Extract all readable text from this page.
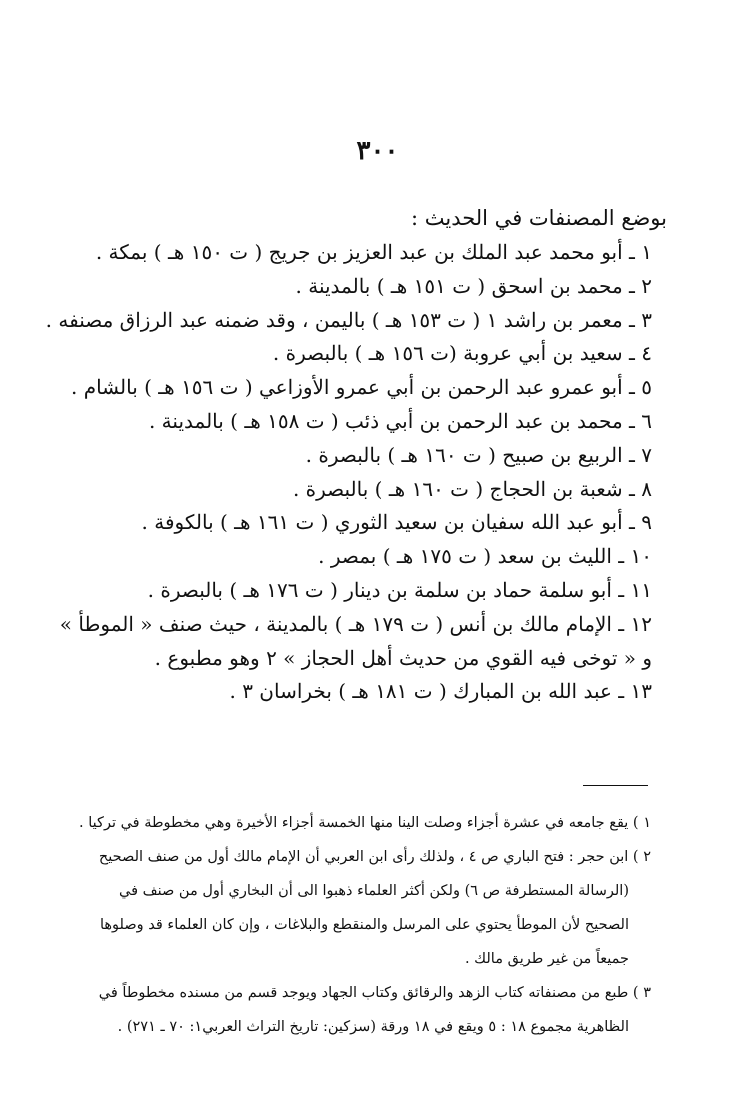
٣٠٠

بوضع المصنفات في الحديث :

١ ـ أبو محمد عبد الملك بن عبد العزيز بن جريج ( ت ١٥٠ هـ ) بمكة .
٢ ـ محمد بن اسحق ( ت ١٥١ هـ ) بالمدينة .
٣ ـ معمر بن راشد ١ ( ت ١٥٣ هـ ) باليمن ، وقد ضمنه عبد الرزاق مصنفه .
٤ ـ سعيد بن أبي عروبة (ت ١٥٦ هـ ) بالبصرة .
٥ ـ أبو عمرو عبد الرحمن بن أبي عمرو الأوزاعي ( ت ١٥٦ هـ ) بالشام .
٦ ـ محمد بن عبد الرحمن بن أبي ذئب ( ت ١٥٨ هـ ) بالمدينة .
٧ ـ الربيع بن صبيح ( ت ١٦٠ هـ ) بالبصرة .
٨ ـ شعبة بن الحجاج ( ت ١٦٠ هـ ) بالبصرة .
٩ ـ أبو عبد الله سفيان بن سعيد الثوري ( ت ١٦١ هـ ) بالكوفة .
١٠ ـ الليث بن سعد ( ت ١٧٥ هـ ) بمصر .
١١ ـ أبو سلمة حماد بن سلمة بن دينار ( ت ١٧٦ هـ ) بالبصرة .
١٢ ـ الإمام مالك بن أنس ( ت ١٧٩ هـ ) بالمدينة ، حيث صنف « الموطأ »
و « توخى فيه القوي من حديث أهل الحجاز » ٢ وهو مطبوع .
١٣ ـ عبد الله بن المبارك ( ت ١٨١ هـ ) بخراسان ٣ .
١ ) يقع جامعه في عشرة أجزاء وصلت الينا منها الخمسة أجزاء الأخيرة وهي مخطوطة في تركيا .
٢ ) ابن حجر : فتح الباري ص ٤ ، ولذلك رأى ابن العربي أن الإمام مالك أول من صنف الصحيح
(الرسالة المستطرفة ص ٦) ولكن أكثر العلماء ذهبوا الى أن البخاري أول من صنف في
الصحيح لأن الموطأ يحتوي على المرسل والمنقطع والبلاغات ، وإن كان العلماء قد وصلوها
جميعاً من غير طريق مالك .
٣ ) طبع من مصنفاته كتاب الزهد والرقائق وكتاب الجهاد ويوجد قسم من مسنده مخطوطاً في
الظاهرية مجموع ١٨ : ٥ ويقع في ١٨ ورقة (سزكين: تاريخ التراث العربي١: ٧٠ ـ ٢٧١) .
